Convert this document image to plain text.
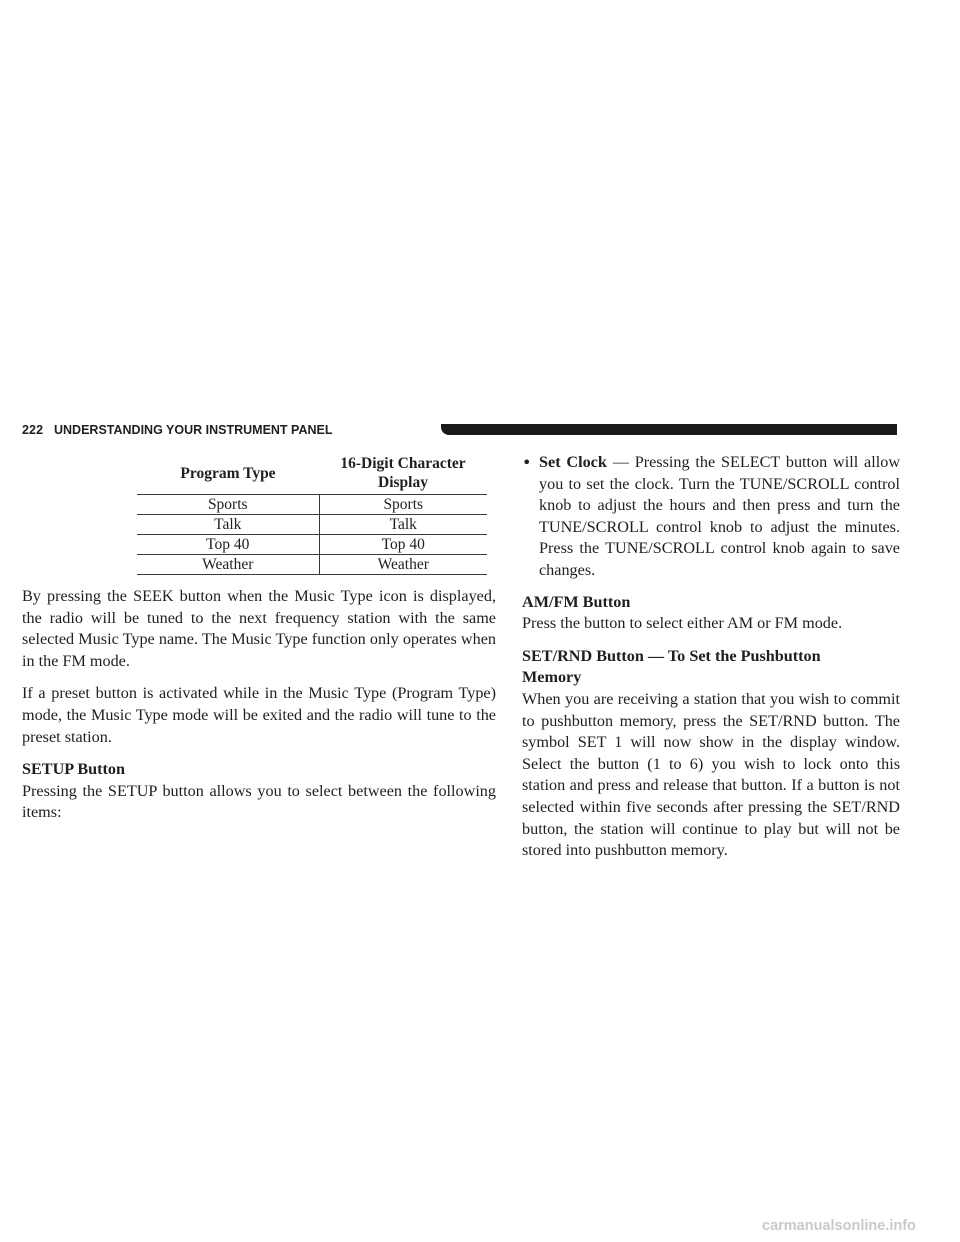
222 UNDERSTANDING YOUR INSTRUMENT PANEL
Program Type	16-Digit Character
Display
Sports	Sports
Talk	Talk
Top 40	Top 40
Weather	Weather

By pressing the SEEK button when the Music Type icon is displayed, the radio will be tuned to the next frequency station with the same selected Music Type name. The Music Type function only operates when in the FM mode.

If a preset button is activated while in the Music Type (Program Type) mode, the Music Type mode will be exited and the radio will tune to the preset station.

SETUP Button

Pressing the SETUP button allows you to select between the following items:

• Set Clock — Pressing the SELECT button will allow you to set the clock. Turn the TUNE/SCROLL control knob to adjust the hours and then press and turn the TUNE/SCROLL control knob to adjust the minutes. Press the TUNE/SCROLL control knob again to save changes.

AM/FM Button

Press the button to select either AM or FM mode.

SET/RND Button — To Set the Pushbutton Memory

When you are receiving a station that you wish to commit to pushbutton memory, press the SET/RND button. The symbol SET 1 will now show in the display window. Select the button (1 to 6) you wish to lock onto this station and press and release that button. If a button is not selected within five seconds after pressing the SET/RND button, the station will continue to play but will not be stored into pushbutton memory.

carmanualsonline.info
